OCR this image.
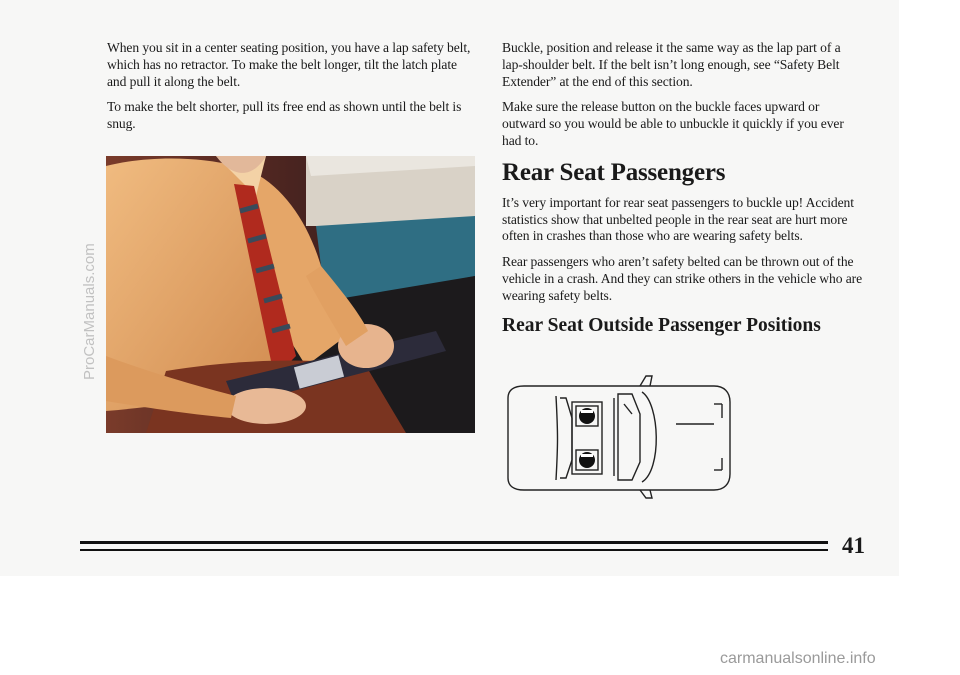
When you sit in a center seating position, you have a lap safety belt, which has no retractor. To make the belt longer, tilt the latch plate and pull it along the belt.

To make the belt shorter, pull its free end as shown until the belt is snug.

Buckle, position and release it the same way as the lap part of a lap-shoulder belt. If the belt isn’t long enough, see “Safety Belt Extender” at the end of this section.

Make sure the release button on the buckle faces upward or outward so you would be able to unbuckle it quickly if you ever had to.

Rear Seat Passengers

It’s very important for rear seat passengers to buckle up! Accident statistics show that unbelted people in the rear seat are hurt more often in crashes than those who are wearing safety belts.

Rear passengers who aren’t safety belted can be thrown out of the vehicle in a crash. And they can strike others in the vehicle who are wearing safety belts.

Rear Seat Outside Passenger Positions
41
ProCarManuals.com
carmanualsonline.info
